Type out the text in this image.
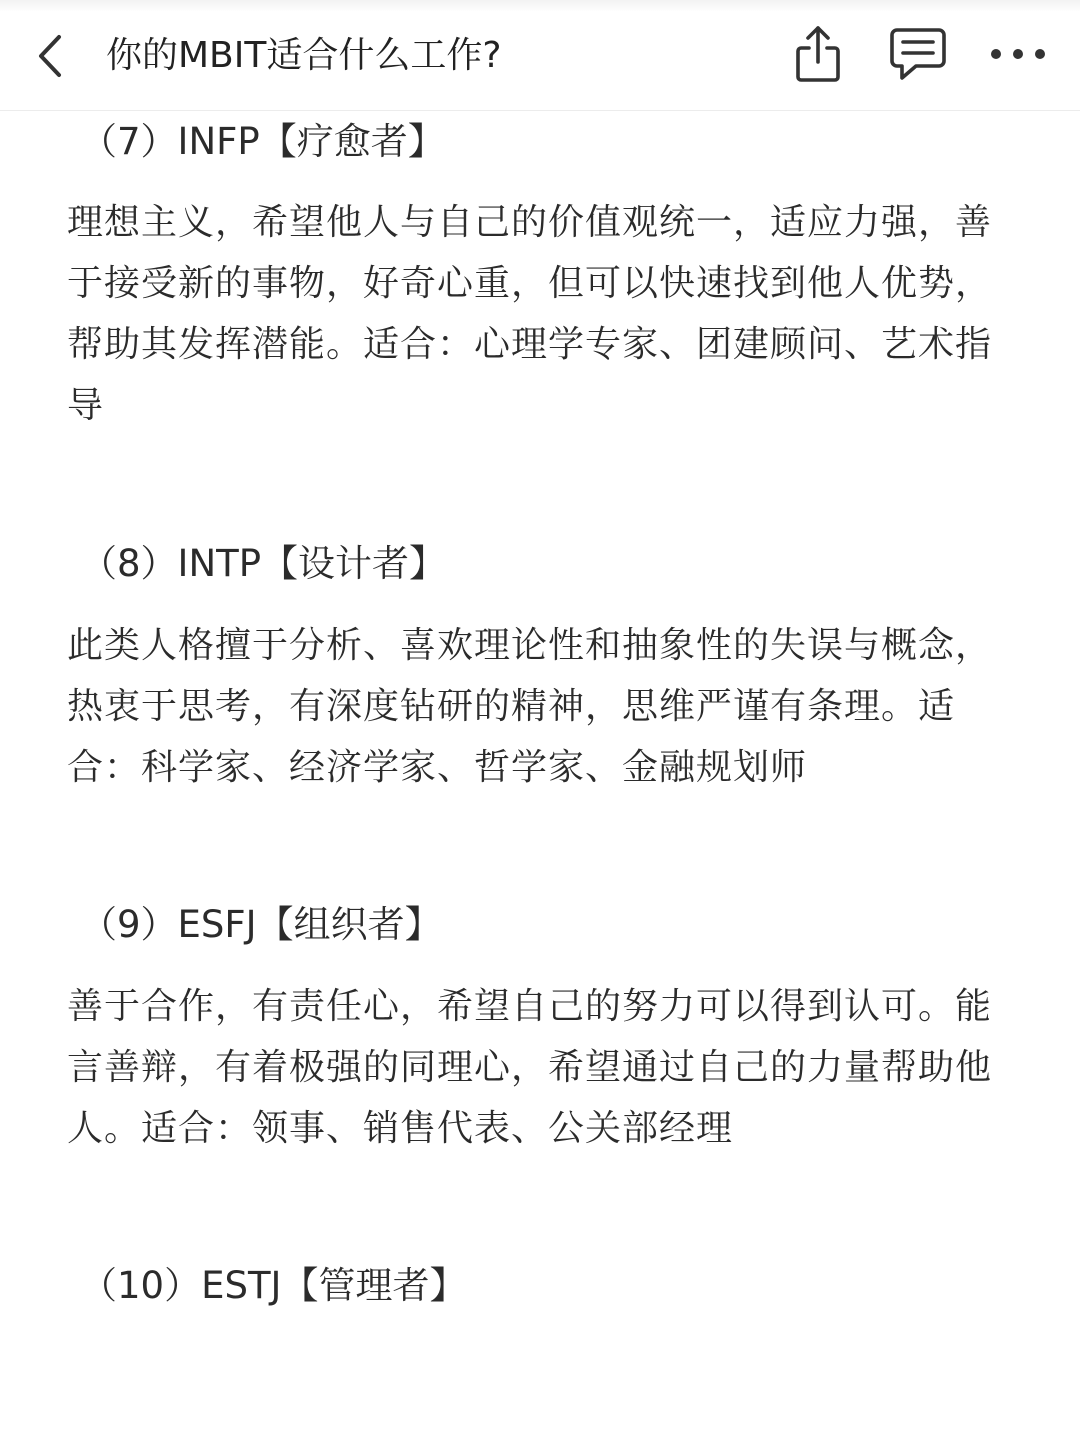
你的MBIT适合什么工作?
（7）INFP【疗愈者】
理想主义，希望他人与自己的价值观统一，适应力强，善于接受新的事物，好奇心重，但可以快速找到他人优势，帮助其发挥潜能。适合：心理学专家、团建顾问、艺术指导
（8）INTP【设计者】
此类人格擅于分析、喜欢理论性和抽象性的失误与概念，热衷于思考，有深度钻研的精神，思维严谨有条理。适合：科学家、经济学家、哲学家、金融规划师
（9）ESFJ【组织者】
善于合作，有责任心，希望自己的努力可以得到认可。能言善辩，有着极强的同理心，希望通过自己的力量帮助他人。适合：领事、销售代表、公关部经理
（10）ESTJ【管理者】
